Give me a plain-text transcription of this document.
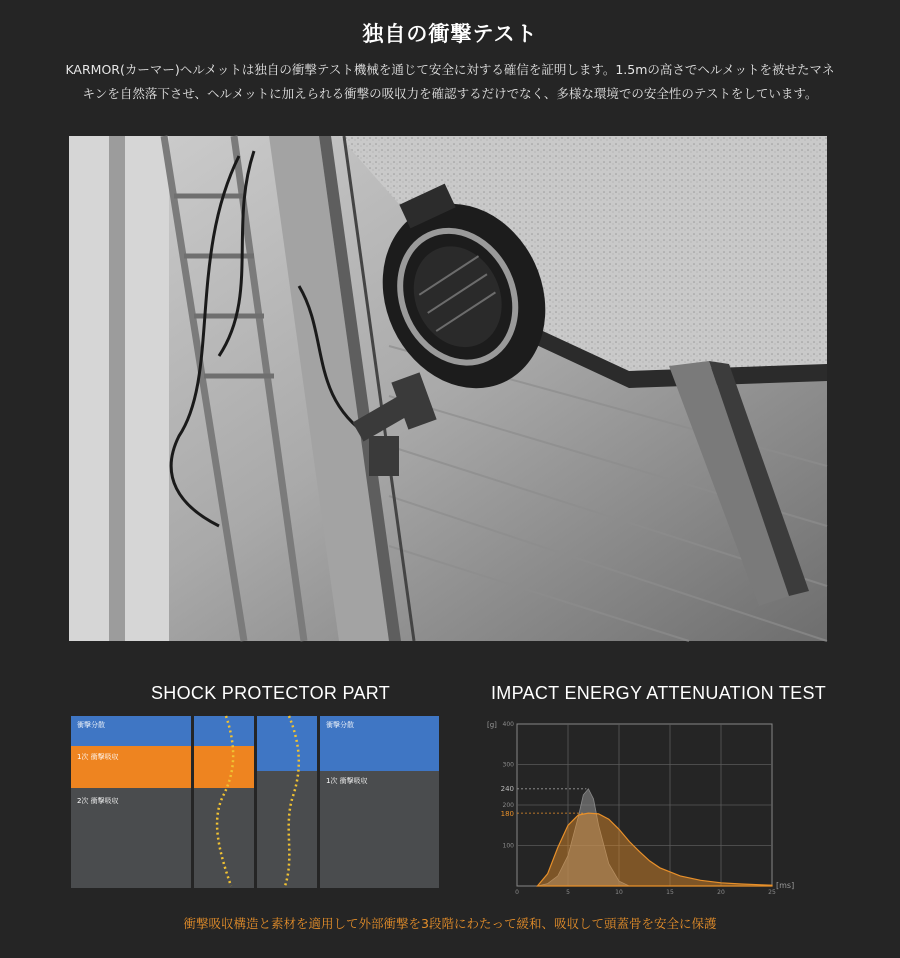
独自の衝撃テスト
KARMOR(カーマー)ヘルメットは独自の衝撃テスト機械を通じて安全に対する確信を証明します。1.5mの高さでヘルメットを被せたマネ
キンを自然落下させ、ヘルメットに加えられる衝撃の吸収力を確認するだけでなく、多様な環境での安全性のテストをしています。
SHOCK PROTECTOR PART
衝撃分散
1次 衝撃吸収
2次 衝撃吸収
衝撃分散
1次 衝撃吸収
IMPACT ENERGY ATTENUATION TEST
100
200
300
400
0	5	10	15	20	25
240
180
[g]
[ms]
衝撃吸収構造と素材を適用して外部衝撃を3段階にわたって緩和、吸収して頭蓋骨を安全に保護
